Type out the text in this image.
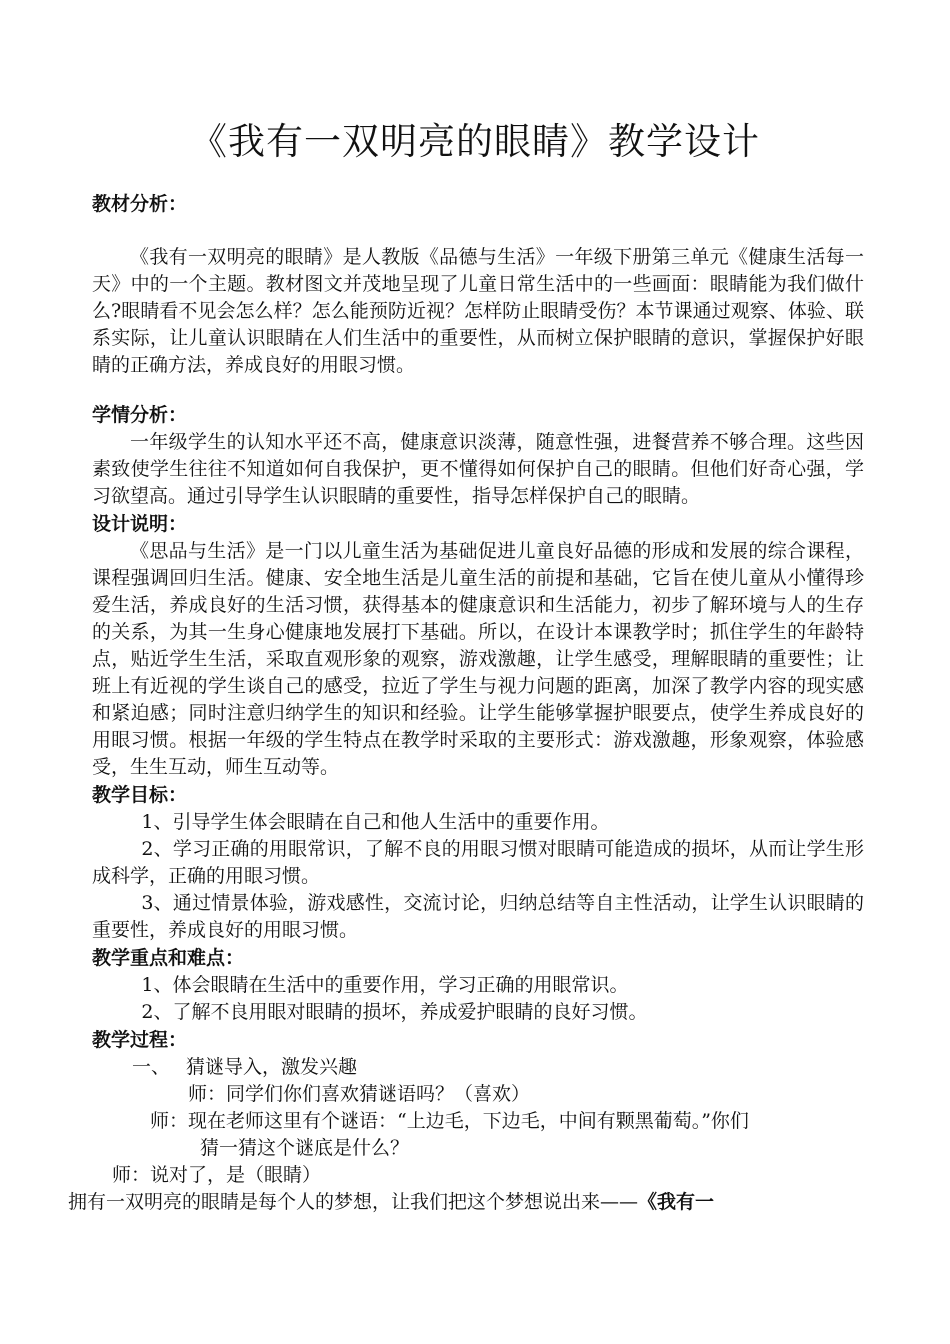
《我有一双明亮的眼睛》教学设计

教材分析：

《我有一双明亮的眼睛》是人教版《品德与生活》一年级下册第三单元《健康生活每一天》中的一个主题。教材图文并茂地呈现了儿童日常生活中的一些画面：眼睛能为我们做什么?眼睛看不见会怎么样？怎么能预防近视？怎样防止眼睛受伤？本节课通过观察、体验、联系实际，让儿童认识眼睛在人们生活中的重要性，从而树立保护眼睛的意识，掌握保护好眼睛的正确方法，养成良好的用眼习惯。

学情分析：

一年级学生的认知水平还不高，健康意识淡薄，随意性强，进餐营养不够合理。这些因素致使学生往往不知道如何自我保护，更不懂得如何保护自己的眼睛。但他们好奇心强，学习欲望高。通过引导学生认识眼睛的重要性，指导怎样保护自己的眼睛。

设计说明：

《思品与生活》是一门以儿童生活为基础促进儿童良好品德的形成和发展的综合课程，课程强调回归生活。健康、安全地生活是儿童生活的前提和基础，它旨在使儿童从小懂得珍爱生活，养成良好的生活习惯，获得基本的健康意识和生活能力，初步了解环境与人的生存的关系，为其一生身心健康地发展打下基础。所以，在设计本课教学时；抓住学生的年龄特点，贴近学生生活，采取直观形象的观察，游戏激趣，让学生感受，理解眼睛的重要性；让班上有近视的学生谈自己的感受，拉近了学生与视力问题的距离，加深了教学内容的现实感和紧迫感；同时注意归纳学生的知识和经验。让学生能够掌握护眼要点，使学生养成良好的用眼习惯。根据一年级的学生特点在教学时采取的主要形式：游戏激趣，形象观察，体验感受，生生互动，师生互动等。

教学目标：

1、引导学生体会眼睛在自己和他人生活中的重要作用。

2、学习正确的用眼常识，了解不良的用眼习惯对眼睛可能造成的损坏，从而让学生形成科学，正确的用眼习惯。

3、通过情景体验，游戏感性，交流讨论，归纳总结等自主性活动，让学生认识眼睛的重要性，养成良好的用眼习惯。

教学重点和难点：

1、体会眼睛在生活中的重要作用，学习正确的用眼常识。

2、了解不良用眼对眼睛的损坏，养成爱护眼睛的良好习惯。

教学过程：

一、 猜谜导入，激发兴趣

师：同学们你们喜欢猜谜语吗？（喜欢）

师：现在老师这里有个谜语：“上边毛，下边毛，中间有颗黑葡萄。”你们

猜一猜这个谜底是什么？

师：说对了，是（眼睛）

拥有一双明亮的眼睛是每个人的梦想，让我们把这个梦想说出来——《我有一
